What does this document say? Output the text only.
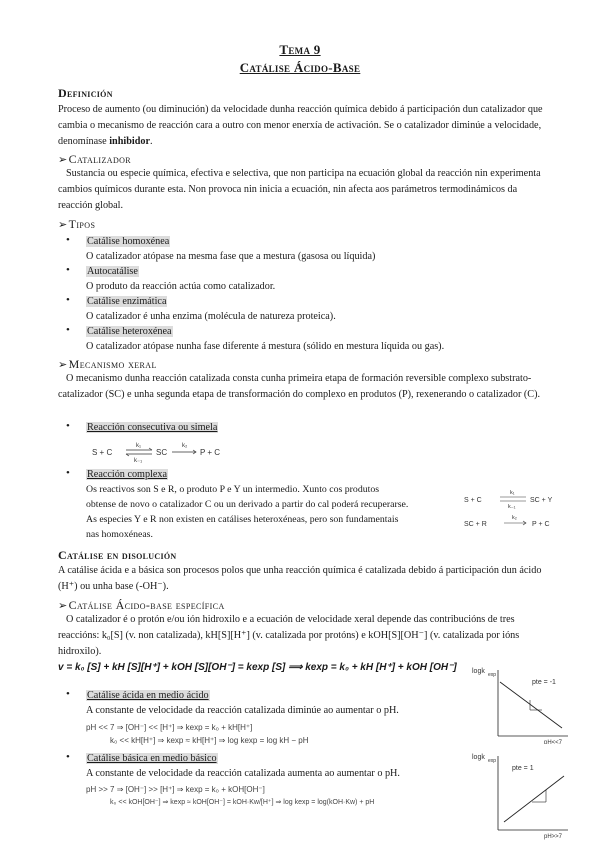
Tema 9
Catálise Ácido-Base
Definición
Proceso de aumento (ou diminución) da velocidade dunha reacción química debido á participación dun catalizador que cambia o mecanismo de reacción cara a outro con menor enerxía de activación. Se o catalizador diminúe a velocidade, denomínase inhibidor.
➢Catalizador
Sustancia ou especie química, efectiva e selectiva, que non participa na ecuación global da reacción nin experimenta cambios químicos durante esta. Non provoca nin inicia a ecuación, nin afecta aos parámetros termodinámicos da reacción global.
➢Tipos
• Catálise homoxénea
O catalizador atópase na mesma fase que a mestura (gasosa ou líquida)
• Autocatálise
O produto da reacción actúa como catalizador.
• Catálise enzimática
O catalizador é unha enzima (molécula de natureza proteica).
• Catálise heteroxénea
O catalizador atópase nunha fase diferente á mestura (sólido en mestura líquida ou gas).
➢Mecanismo xeral
O mecanismo dunha reacción catalizada consta cunha primeira etapa de formación reversible complexo substrato-catalizador (SC) e unha segunda etapa de transformación do complexo en produtos (P), rexenerando o catalizador (C).
• Reacción consecutiva ou simela
S + C
k₁
k₋₁
SC
k₂
P + C
• Reacción complexa
Os reactivos son S e R, o produto P e Y un intermedio. Xunto cos produtos
obtense de novo o catalizador C ou un derivado a partir do cal poderá recuperarse.
As especies Y e R non existen en catálises heteroxéneas, pero son fundamentais
nas homoxéneas.
S + C
k₁
k₋₁
SC + Y
SC + R
k₂
P + C
Catálise en disolución
A catálise ácida e a básica son procesos polos que unha reacción química é catalizada debido á participación dun ácido (H⁺) ou unha base (-OH⁻).
➢Catálise Ácido-base específica
O catalizador é o protón e/ou ión hidroxilo e a ecuación de velocidade xeral depende das contribucións de tres reaccións: k₀[S] (v. non catalizada), kH[S][H⁺] (v. catalizada por protóns) e kOH[S][OH⁻] (v. catalizada por ións hidroxilo).
v = k₀ [S] + kH [S][H⁺] + kOH [S][OH⁻] = kexp [S] ⟹ kexp = k₀ + kH [H⁺] + kOH [OH⁻] logk exp
pte = -1
pH<<7
• Catálise ácida en medio ácido
A constante de velocidade da reacción catalizada diminúe ao aumentar o pH.
pH << 7 ⇒ [OH⁻] << [H⁺] ⇒ kexp = k₀ + kH[H⁺]
k₀ << kH[H⁺] ⇒ kexp ≈ kH[H⁺] ⇒ log kexp = log kH − pH
logk exp
pte = 1
pH>>7
• Catálise básica en medio básico
A constante de velocidade da reacción catalizada aumenta ao aumentar o pH.
pH >> 7 ⇒ [OH⁻] >> [H⁺] ⇒ kexp = k₀ + kOH[OH⁻]
k₀ << kOH[OH⁻] ⇒ kexp ≈ kOH[OH⁻] = kOH·Kw/[H⁺] ⇒ log kexp = log(kOH·Kw) + pH
